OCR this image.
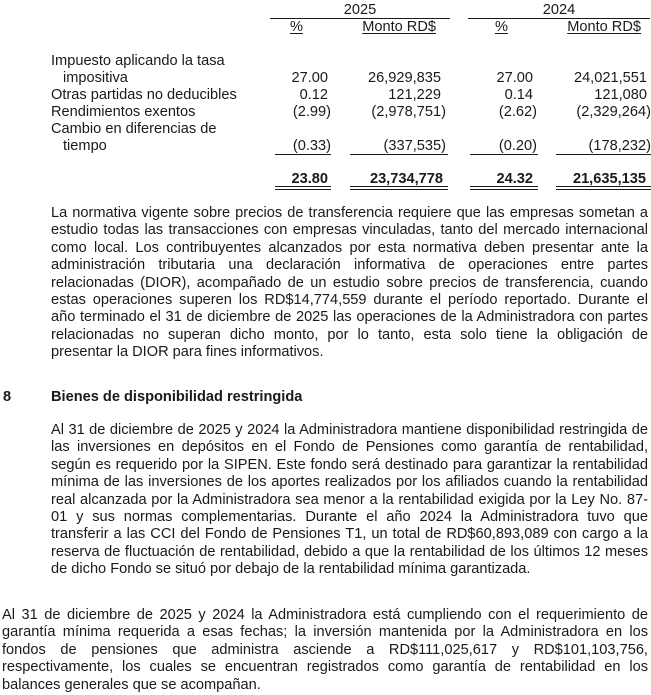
2025	2024
%	Monto RD$	%	Monto RD$
Impuesto aplicando la tasa
impositiva	27.00	26,929,835	27.00	24,021,551
Otras partidas no deducibles	0.12	121,229	0.14	121,080
Rendimientos exentos	(2.99)	(2,978,751)	(2.62)	(2,329,264)
Cambio en diferencias de
tiempo	(0.33)	(337,535)	(0.20)	(178,232)
23.80	23,734,778	24.32	21,635,135

La normativa vigente sobre precios de transferencia requiere que las empresas sometan a estudio todas las transacciones con empresas vinculadas, tanto del mercado internacional como local. Los contribuyentes alcanzados por esta normativa deben presentar ante la administración tributaria una declaración informativa de operaciones entre partes relacionadas (DIOR), acompañado de un estudio sobre precios de transferencia, cuando estas operaciones superen los RD$14,774,559 durante el período reportado. Durante el año terminado el 31 de diciembre de 2025 las operaciones de la Administradora con partes relacionadas no superan dicho monto, por lo tanto, esta solo tiene la obligación de presentar la DIOR para fines informativos.

8	Bienes de disponibilidad restringida

Al 31 de diciembre de 2025 y 2024 la Administradora mantiene disponibilidad restringida de las inversiones en depósitos en el Fondo de Pensiones como garantía de rentabilidad, según es requerido por la SIPEN. Este fondo será destinado para garantizar la rentabilidad mínima de las inversiones de los aportes realizados por los afiliados cuando la rentabilidad real alcanzada por la Administradora sea menor a la rentabilidad exigida por la Ley No. 87-01 y sus normas complementarias. Durante el año 2024 la Administradora tuvo que transferir a las CCI del Fondo de Pensiones T1, un total de RD$60,893,089 con cargo a la reserva de fluctuación de rentabilidad, debido a que la rentabilidad de los últimos 12 meses de dicho Fondo se situó por debajo de la rentabilidad mínima garantizada.

Al 31 de diciembre de 2025 y 2024 la Administradora está cumpliendo con el requerimiento de garantía mínima requerida a esas fechas; la inversión mantenida por la Administradora en los fondos de pensiones que administra asciende a RD$111,025,617 y RD$101,103,756, respectivamente, los cuales se encuentran registrados como garantía de rentabilidad en los balances generales que se acompañan.
